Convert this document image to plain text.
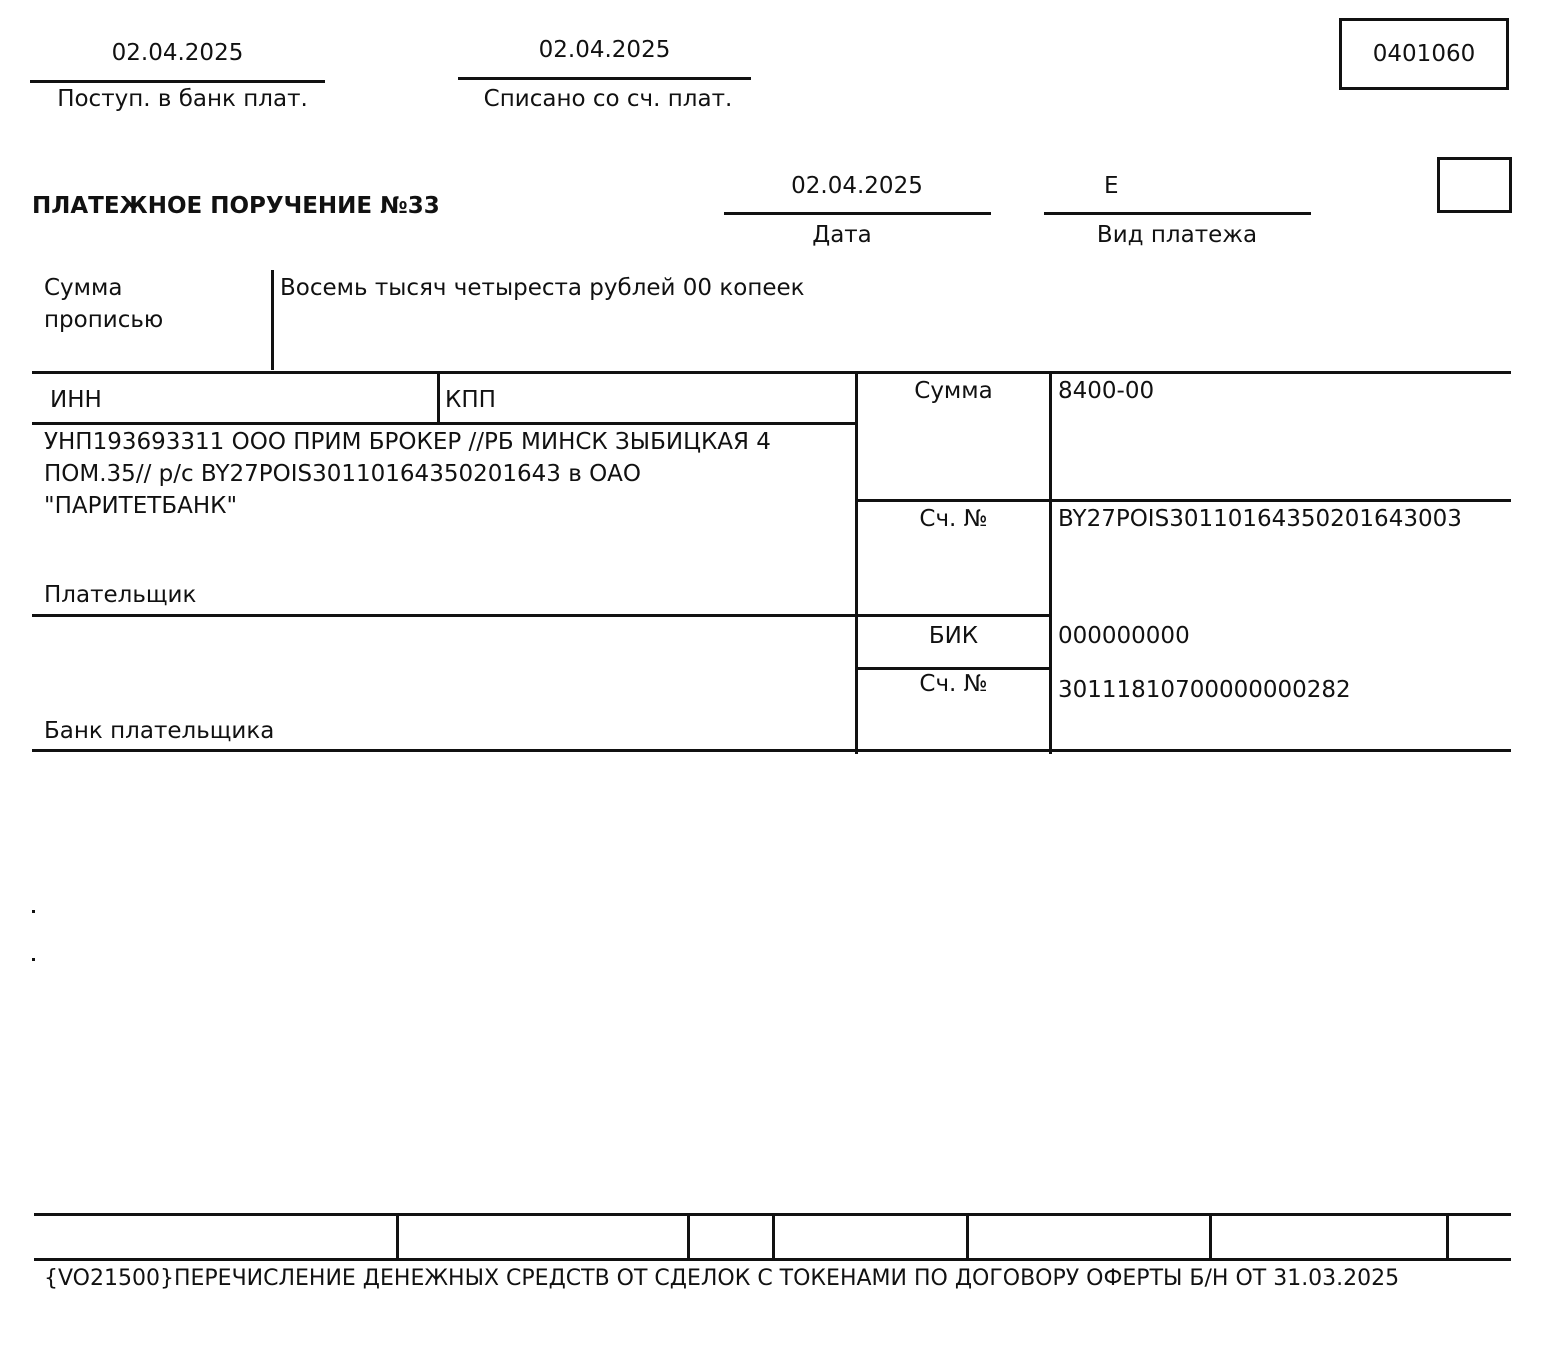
02.04.2025
Поступ. в банк плат.
02.04.2025
Списано со сч. плат.
0401060
ПЛАТЕЖНОЕ ПОРУЧЕНИЕ №33
02.04.2025
Дата
Е
Вид платежа
Сумма
прописью
Восемь тысяч четыреста рублей 00 копеек
ИНН	КПП
УНП193693311 ООО ПРИМ БРОКЕР //РБ МИНСК ЗЫБИЦКАЯ 4
ПОМ.35// р/с BY27POIS30110164350201643 в ОАО
"ПАРИТЕТБАНК"
Плательщик
Банк плательщика
Сумма	8400-00
Сч. №	BY27POIS30110164350201643003
БИК	000000000
Сч. №	30111810700000000282
{VO21500}ПЕРЕЧИСЛЕНИЕ ДЕНЕЖНЫХ СРЕДСТВ ОТ СДЕЛОК С ТОКЕНАМИ ПО ДОГОВОРУ ОФЕРТЫ Б/Н ОТ 31.03.2025
